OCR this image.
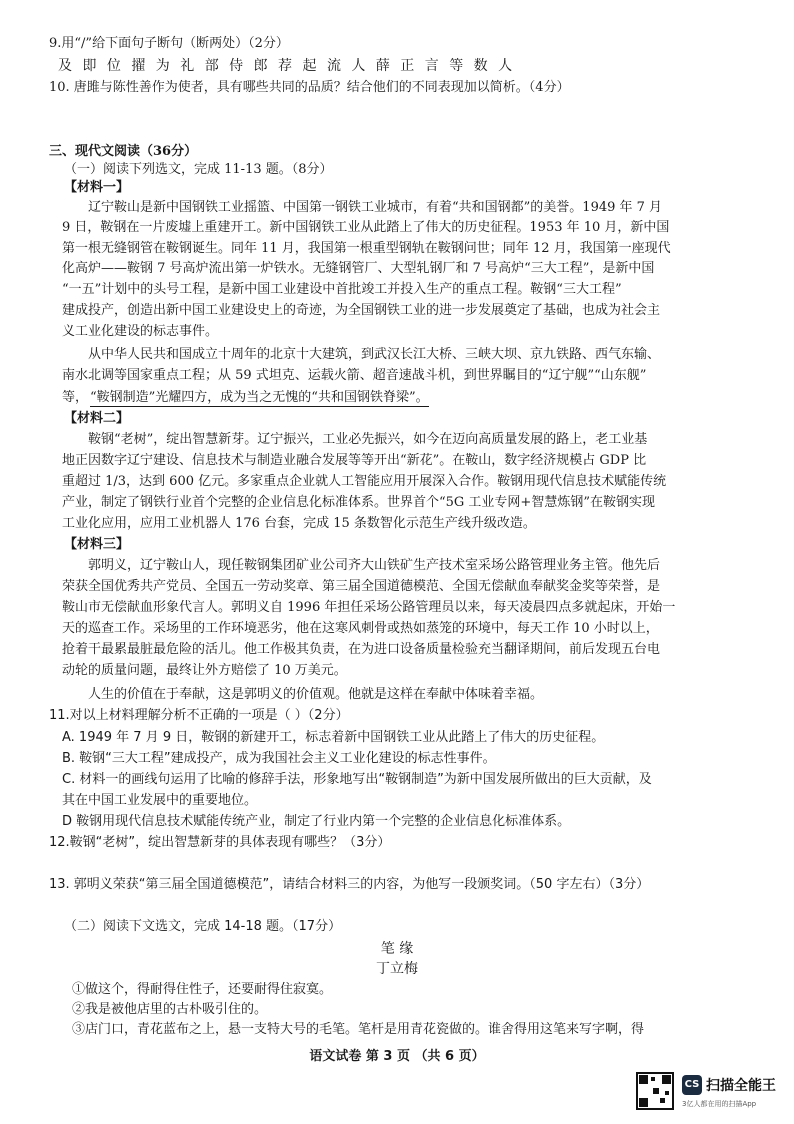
9.用“/”给下面句子断句（断两处）（2分）
及 即 位 擢 为 礼 部 侍 郎 荐 起 流 人 薛 正 言 等 数 人
10. 唐雎与陈性善作为使者，具有哪些共同的品质？结合他们的不同表现加以简析。（4分）
三、现代文阅读（36分）
（一）阅读下列选文，完成 11-13 题。（8分）
【材料一】
辽宁鞍山是新中国钢铁工业摇篮、中国第一钢铁工业城市，有着“共和国钢都”的美誉。1949 年 7 月
9 日，鞍钢在一片废墟上重建开工。新中国钢铁工业从此踏上了伟大的历史征程。1953 年 10 月，新中国
第一根无缝钢管在鞍钢诞生。同年 11 月，我国第一根重型钢轨在鞍钢问世；同年 12 月，我国第一座现代
化高炉——鞍钢 7 号高炉流出第一炉铁水。无缝钢管厂、大型轧钢厂和 7 号高炉“三大工程”，是新中国
“一五”计划中的头号工程，是新中国工业建设中首批竣工并投入生产的重点工程。鞍钢“三大工程”
建成投产，创造出新中国工业建设史上的奇迹，为全国钢铁工业的进一步发展奠定了基础，也成为社会主
义工业化建设的标志事件。
从中华人民共和国成立十周年的北京十大建筑，到武汉长江大桥、三峡大坝、京九铁路、西气东输、
南水北调等国家重点工程；从 59 式坦克、运载火箭、超音速战斗机，到世界瞩目的“辽宁舰”“山东舰”
等， “鞍钢制造”光耀四方，成为当之无愧的“共和国钢铁脊梁”。
【材料二】
鞍钢“老树”，绽出智慧新芽。辽宁振兴，工业必先振兴，如今在迈向高质量发展的路上，老工业基
地正因数字辽宁建设、信息技术与制造业融合发展等等开出“新花”。在鞍山，数字经济规模占 GDP 比
重超过 1/3，达到 600 亿元。多家重点企业就人工智能应用开展深入合作。鞍钢用现代信息技术赋能传统
产业，制定了钢铁行业首个完整的企业信息化标准体系。世界首个“5G 工业专网+智慧炼钢”在鞍钢实现
工业化应用，应用工业机器人 176 台套，完成 15 条数智化示范生产线升级改造。
【材料三】
郭明义，辽宁鞍山人，现任鞍钢集团矿业公司齐大山铁矿生产技术室采场公路管理业务主管。他先后
荣获全国优秀共产党员、全国五一劳动奖章、第三届全国道德模范、全国无偿献血奉献奖金奖等荣誉，是
鞍山市无偿献血形象代言人。郭明义自 1996 年担任采场公路管理员以来，每天凌晨四点多就起床，开始一
天的巡查工作。采场里的工作环境恶劣，他在这寒风刺骨或热如蒸笼的环境中，每天工作 10 小时以上，
抢着干最累最脏最危险的活儿。他工作极其负责，在为进口设备质量检验充当翻译期间，前后发现五台电
动轮的质量问题，最终让外方赔偿了 10 万美元。
人生的价值在于奉献，这是郭明义的价值观。他就是这样在奉献中体味着幸福。
11.对以上材料理解分析不正确的一项是（ ）（2分）
A. 1949 年 7 月 9 日，鞍钢的新建开工，标志着新中国钢铁工业从此踏上了伟大的历史征程。
B. 鞍钢“三大工程”建成投产，成为我国社会主义工业化建设的标志性事件。
C. 材料一的画线句运用了比喻的修辞手法，形象地写出“鞍钢制造”为新中国发展所做出的巨大贡献，及
其在中国工业发展中的重要地位。
D 鞍钢用现代信息技术赋能传统产业，制定了行业内第一个完整的企业信息化标准体系。
12.鞍钢“老树”，绽出智慧新芽的具体表现有哪些？（3分）
13. 郭明义荣获“第三届全国道德模范”，请结合材料三的内容，为他写一段颁奖词。（50 字左右）（3分）
（二）阅读下文选文，完成 14-18 题。（17分）
笔 缘
丁立梅
①做这个，得耐得住性子，还要耐得住寂寞。
②我是被他店里的古朴吸引住的。
③店门口，青花蓝布之上，悬一支特大号的毛笔。笔杆是用青花瓷做的。谁舍得用这笔来写字啊，得
语文试卷 第 3 页 （共 6 页）
CS 扫描全能王
3亿人都在用的扫描App
